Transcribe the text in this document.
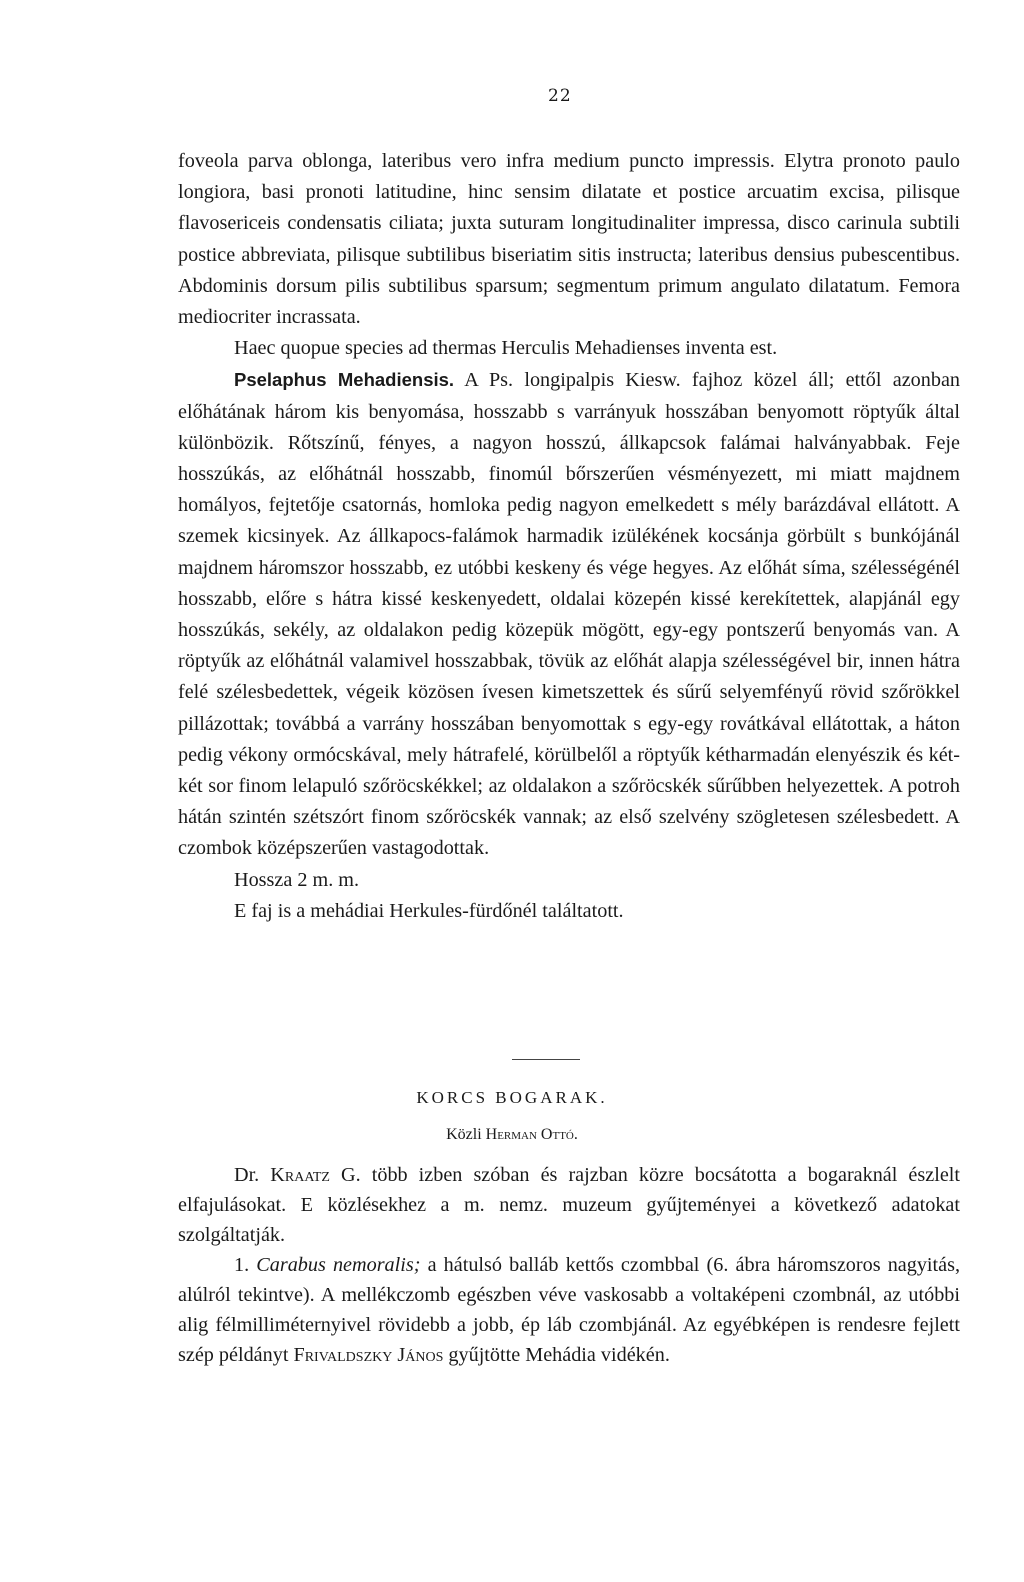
22

foveola parva oblonga, lateribus vero infra medium puncto impressis. Elytra pronoto paulo longiora, basi pronoti latitudine, hinc sensim dilatate et postice arcuatim excisa, pilisque flavosericeis condensatis ciliata; juxta suturam longitudinaliter impressa, disco carinula subtili postice abbreviata, pilisque subtilibus biseriatim sitis instructa; lateribus densius pubescentibus. Abdominis dorsum pilis subtilibus sparsum; segmentum primum angulato dilatatum. Femora mediocriter incrassata.

Haec quopue species ad thermas Herculis Mehadienses inventa est.

Pselaphus Mehadiensis. A Ps. longipalpis Kiesw. fajhoz közel áll; ettől azonban előhátának három kis benyomása, hosszabb s varrányuk hosszában benyomott röptyűk által különbözik. Rőtszínű, fényes, a nagyon hosszú, állkapcsok falámai halványabbak. Feje hosszúkás, az előhátnál hosszabb, finomúl bőrszerűen vésményezett, mi miatt majdnem homályos, fejtetője csatornás, homloka pedig nagyon emelkedett s mély barázdával ellátott. A szemek kicsinyek. Az állkapocs-falámok harmadik izülékének kocsánja görbült s bunkójánál majdnem háromszor hosszabb, ez utóbbi keskeny és vége hegyes. Az előhát síma, szélességénél hosszabb, előre s hátra kissé keskenyedett, oldalai közepén kissé kerekítettek, alapjánál egy hosszúkás, sekély, az oldalakon pedig közepük mögött, egy-egy pontszerű benyomás van. A röptyűk az előhátnál valamivel hosszabbak, tövük az előhát alapja szélességével bir, innen hátra felé szélesbedettek, végeik közösen ívesen kimetszettek és sűrű selyemfényű rövid szőrökkel pillázottak; továbbá a varrány hosszában benyomottak s egy-egy rovátkával ellátottak, a háton pedig vékony ormócskával, mely hátrafelé, körülbelől a röptyűk kétharmadán elenyészik és két-két sor finom lelapuló szőröcskékkel; az oldalakon a szőröcskék sűrűbben helyezettek. A potroh hátán szintén szétszórt finom szőröcskék vannak; az első szelvény szögletesen szélesbedett. A czombok középszerűen vastagodottak.

Hossza 2 m. m.

E faj is a mehádiai Herkules-fürdőnél találtatott.

KORCS BOGARAK.
Közli Herman Ottó.

Dr. Kraatz G. több izben szóban és rajzban közre bocsátotta a bogaraknál észlelt elfajulásokat. E közlésekhez a m. nemz. muzeum gyűjteményei a következő adatokat szolgáltatják.

1. Carabus nemoralis; a hátulsó balláb kettős czombbal (6. ábra háromszoros nagyitás, alúlról tekintve). A mellékczomb egészben véve vaskosabb a voltaképeni czombnál, az utóbbi alig félmilliméternyivel rövidebb a jobb, ép láb czombjánál. Az egyébképen is rendesre fejlett szép példányt Frivaldszky János gyűjtötte Mehádia vidékén.
